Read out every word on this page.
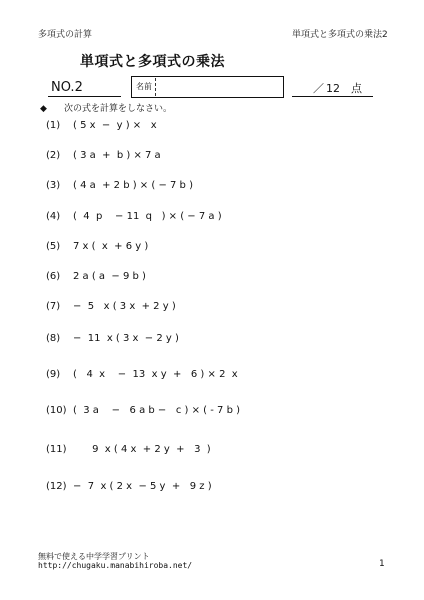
多項式の計算	単項式と多項式の乗法2
単項式と多項式の乗法
NO.2	名前	／ 12 点
◆ 次の式を計算をしなさい。
(1) ( 5 x  −  y ) ×   x
(2) ( 3 a  +  b ) × 7 a
(3) ( 4 a  + 2 b ) × ( − 7 b )
(4) (  4  p    − 11  q   ) × ( − 7 a )
(5) 7 x (  x  + 6 y )
(6) 2 a ( a  − 9 b )
(7) −  5   x ( 3 x  + 2 y )
(8) −  11  x ( 3 x  − 2 y )
(9) (   4  x    −  13  x y  +   6 ) × 2  x
(10) (  3 a    −   6 a b −   c ) × ( - 7 b )
(11)      9  x ( 4 x  + 2 y  +   3  )
(12) −  7  x ( 2 x  − 5 y  +   9 z )
無料で使える中学学習プリント
http://chugaku.manabihiroba.net/	1
